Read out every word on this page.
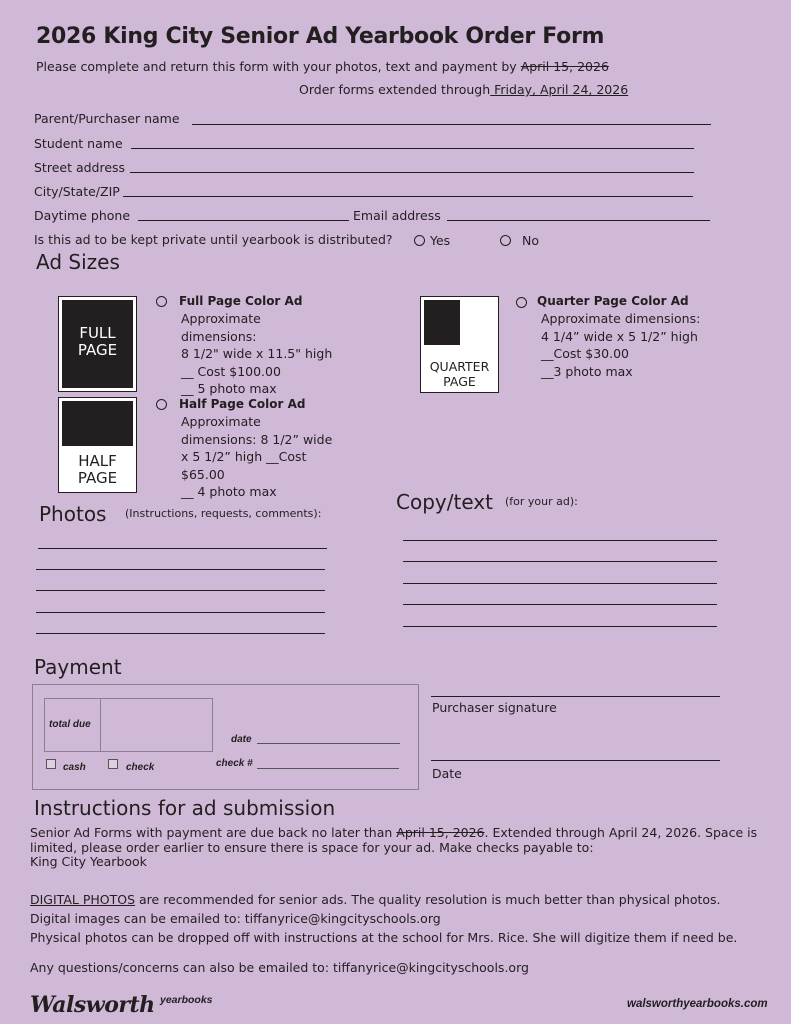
2026 King City Senior Ad Yearbook Order Form
Please complete and return this form with your photos, text and payment by April 15, 2026
Order forms extended through Friday, April 24, 2026
Parent/Purchaser name
Student name
Street address
City/State/ZIP
Daytime phone	Email address
Is this ad to be kept private until yearbook is distributed?	Yes	No
Ad Sizes
FULL
PAGE
Full Page Color Ad
Approximate
dimensions:
8 1/2" wide x 11.5" high
__ Cost $100.00
__ 5 photo max
HALF
PAGE
Half Page Color Ad
Approximate
dimensions: 8 1/2” wide
x 5 1/2” high __Cost
$65.00
__ 4 photo max
QUARTER
PAGE
Quarter Page Color Ad
Approximate dimensions:
4 1/4” wide x 5 1/2” high
__Cost $30.00
__3 photo max
Photos (Instructions, requests, comments):	Copy/text (for your ad):
Payment
total due
cash	check
date
check #
Purchaser signature
Date
Instructions for ad submission
Senior Ad Forms with payment are due back no later than April 15, 2026. Extended through April 24, 2026. Space is limited, please order earlier to ensure there is space for your ad. Make checks payable to:
King City Yearbook
DIGITAL PHOTOS are recommended for senior ads. The quality resolution is much better than physical photos.
Digital images can be emailed to: tiffanyrice@kingcityschools.org
Physical photos can be dropped off with instructions at the school for Mrs. Rice. She will digitize them if need be.
Any questions/concerns can also be emailed to: tiffanyrice@kingcityschools.org
Walsworth yearbooks	walsworthyearbooks.com
